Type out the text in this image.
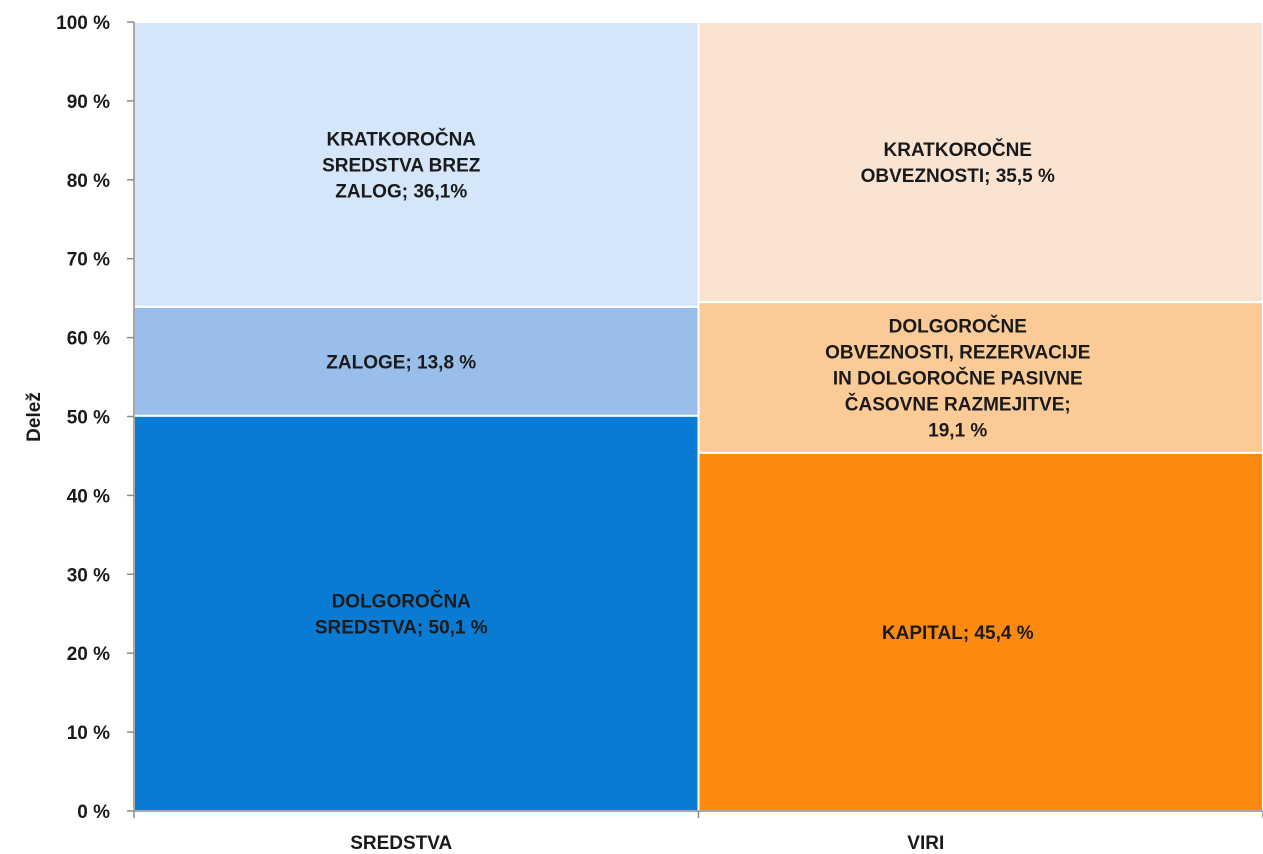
DOLGOROČNA SREDSTVA; 50,1 %
ZALOGE; 13,8 %
KRATKOROČNA SREDSTVA BREZ ZALOG; 36,1%
KAPITAL; 45,4 %
DOLGOROČNE OBVEZNOSTI, REZERVACIJE IN DOLGOROČNE PASIVNE ČASOVNE RAZMEJITVE; 19,1 %
KRATKOROČNE OBVEZNOSTI; 35,5 %
0 %
10 %
20 %
30 %
40 %
50 %
60 %
70 %
80 %
90 %
100 %
SREDSTVA	VIRI
Delež
